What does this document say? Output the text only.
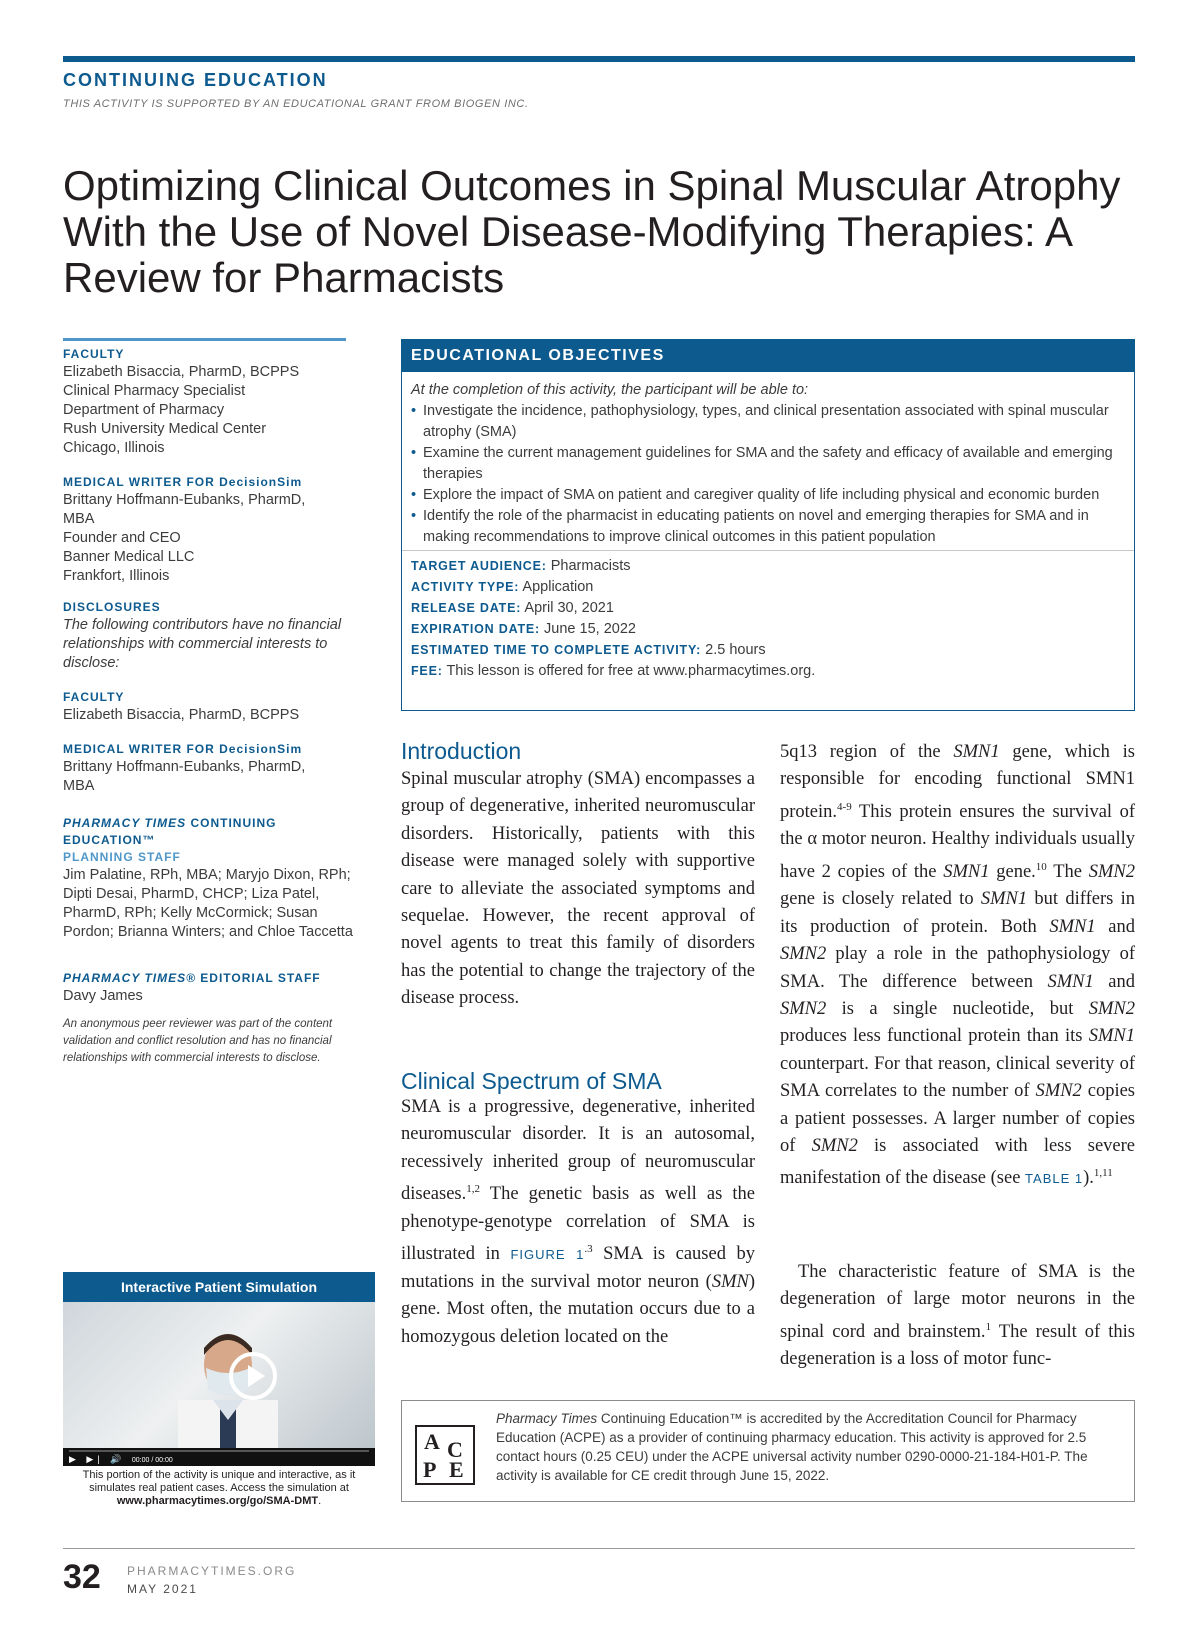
CONTINUING EDUCATION
THIS ACTIVITY IS SUPPORTED BY AN EDUCATIONAL GRANT FROM BIOGEN INC.
Optimizing Clinical Outcomes in Spinal Muscular Atrophy With the Use of Novel Disease-Modifying Therapies: A Review for Pharmacists
FACULTY
Elizabeth Bisaccia, PharmD, BCPPS
Clinical Pharmacy Specialist
Department of Pharmacy
Rush University Medical Center
Chicago, Illinois
MEDICAL WRITER FOR DecisionSim
Brittany Hoffmann-Eubanks, PharmD,
MBA
Founder and CEO
Banner Medical LLC
Frankfort, Illinois
DISCLOSURES
The following contributors have no financial relationships with commercial interests to disclose:
FACULTY
Elizabeth Bisaccia, PharmD, BCPPS
MEDICAL WRITER FOR DecisionSim
Brittany Hoffmann-Eubanks, PharmD,
MBA
PHARMACY TIMES CONTINUING EDUCATION™
PLANNING STAFF
Jim Palatine, RPh, MBA; Maryjo Dixon, RPh; Dipti Desai, PharmD, CHCP; Liza Patel, PharmD, RPh; Kelly McCormick; Susan Pordon; Brianna Winters; and Chloe Taccetta
PHARMACY TIMES® EDITORIAL STAFF
Davy James
An anonymous peer reviewer was part of the content validation and conflict resolution and has no financial relationships with commercial interests to disclose.
Interactive Patient Simulation
▶ ▶| 🔊 00:00 / 00:00
This portion of the activity is unique and interactive, as it simulates real patient cases. Access the simulation at www.pharmacytimes.org/go/SMA-DMT.
EDUCATIONAL OBJECTIVES
At the completion of this activity, the participant will be able to:
• Investigate the incidence, pathophysiology, types, and clinical presentation associated with spinal muscular atrophy (SMA)
• Examine the current management guidelines for SMA and the safety and efficacy of available and emerging therapies
• Explore the impact of SMA on patient and caregiver quality of life including physical and economic burden
• Identify the role of the pharmacist in educating patients on novel and emerging therapies for SMA and in making recommendations to improve clinical outcomes in this patient population
TARGET AUDIENCE: Pharmacists
ACTIVITY TYPE: Application
RELEASE DATE: April 30, 2021
EXPIRATION DATE: June 15, 2022
ESTIMATED TIME TO COMPLETE ACTIVITY: 2.5 hours
FEE: This lesson is offered for free at www.pharmacytimes.org.
Introduction
Spinal muscular atrophy (SMA) encompasses a group of degenerative, inherited neuromuscular disorders. Historically, patients with this disease were managed solely with supportive care to alleviate the associated symptoms and sequelae. However, the recent approval of novel agents to treat this family of disorders has the potential to change the trajectory of the disease process.
Clinical Spectrum of SMA
SMA is a progressive, degenerative, inherited neuromuscular disorder. It is an autosomal, recessively inherited group of neuromuscular diseases.$^{1,2}$ The genetic basis as well as the phenotype-genotype correlation of SMA is illustrated in FIGURE $1^{.3}$ SMA is caused by mutations in the survival motor neuron (SMN) gene. Most often, the mutation occurs due to a homozygous deletion located on the
5q13 region of the SMN1 gene, which is responsible for encoding functional SMN1 protein.$^{4-9}$ This protein ensures the survival of the α motor neuron. Healthy individuals usually have 2 copies of the SMN1 gene.$^{10}$ The SMN2 gene is closely related to SMN1 but differs in its production of protein. Both SMN1 and SMN2 play a role in the pathophysiology of SMA. The difference between SMN1 and SMN2 is a single nucleotide, but SMN2 produces less functional protein than its SMN1 counterpart. For that reason, clinical severity of SMA correlates to the number of SMN2 copies a patient possesses. A larger number of copies of SMN2 is associated with less severe manifestation of the disease (see TABLE 1).$^{1,11}$
The characteristic feature of SMA is the degeneration of large motor neurons in the spinal cord and brainstem.$^1$ The result of this degeneration is a loss of motor func-
A C
P E
Pharmacy Times Continuing Education™ is accredited by the Accreditation Council for Pharmacy Education (ACPE) as a provider of continuing pharmacy education. This activity is approved for 2.5 contact hours (0.25 CEU) under the ACPE universal activity number 0290-0000-21-184-H01-P. The activity is available for CE credit through June 15, 2022.
32 PHARMACYTIMES.ORG
MAY 2021
